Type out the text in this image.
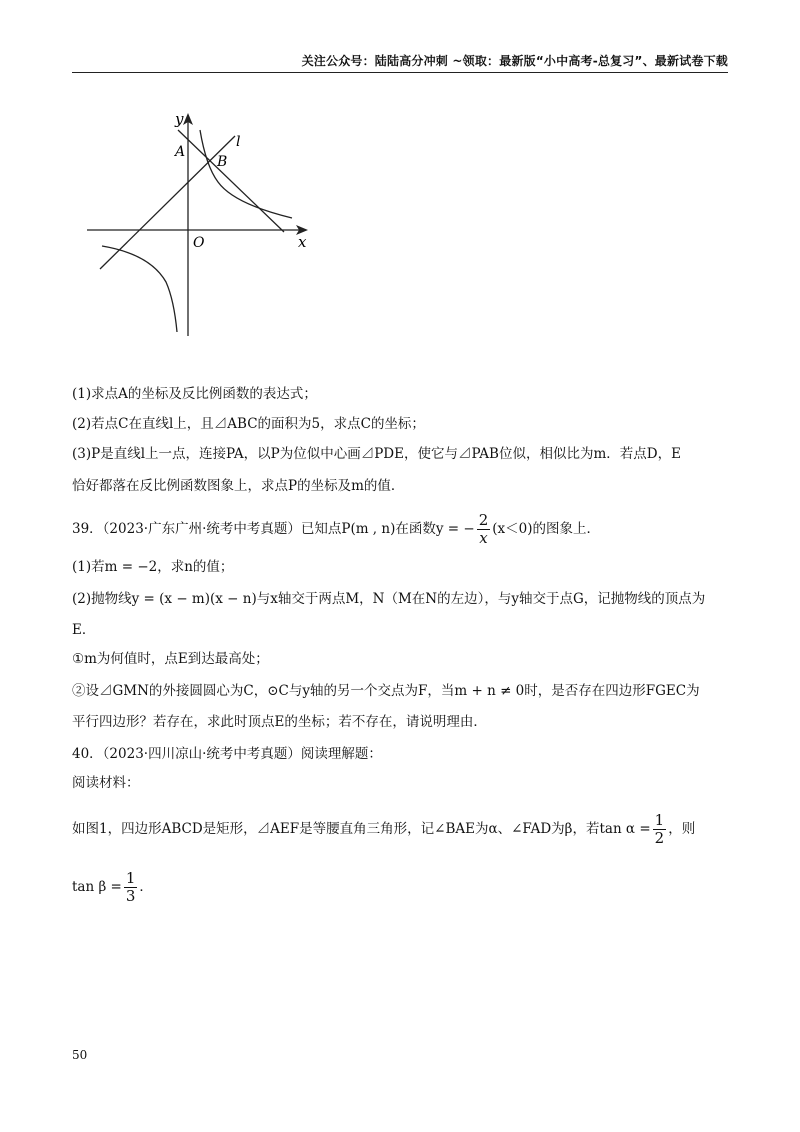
关注公众号：陆陆高分冲刺 ~领取：最新版“小中高考-总复习”、最新试卷下载
y
x
O
A
B
l
(1)求点A的坐标及反比例函数的表达式；
(2)若点C在直线l上，且⊿ABC的面积为5，求点C的坐标；
(3)P是直线l上一点，连接PA，以P为位似中心画⊿PDE，使它与⊿PAB位似，相似比为m．若点D，E
恰好都落在反比例函数图象上，求点P的坐标及m的值．
39．（2023·广东广州·统考中考真题）已知点P(m , n)在函数y = − $\frac{2}{x} (x<0)$的图象上．
(1)若m = −2，求n的值；
(2)抛物线y = (x − m)(x − n)与x轴交于两点M，N（M在N的左边），与y轴交于点G，记抛物线的顶点为
E．
①m为何值时，点E到达最高处；
②设⊿GMN的外接圆圆心为C，⊙C与y轴的另一个交点为F，当m + n ≠ 0时，是否存在四边形FGEC为
平行四边形？若存在，求此时顶点E的坐标；若不存在，请说明理由．
40．（2023·四川凉山·统考中考真题）阅读理解题：
阅读材料：
如图1，四边形ABCD是矩形，⊿AEF是等腰直角三角形，记∠BAE为α、∠FAD为β，若$\tan \alpha = \frac{1}{2}$ ，则
$\tan \beta = \frac{1}{3}$ ．
50
